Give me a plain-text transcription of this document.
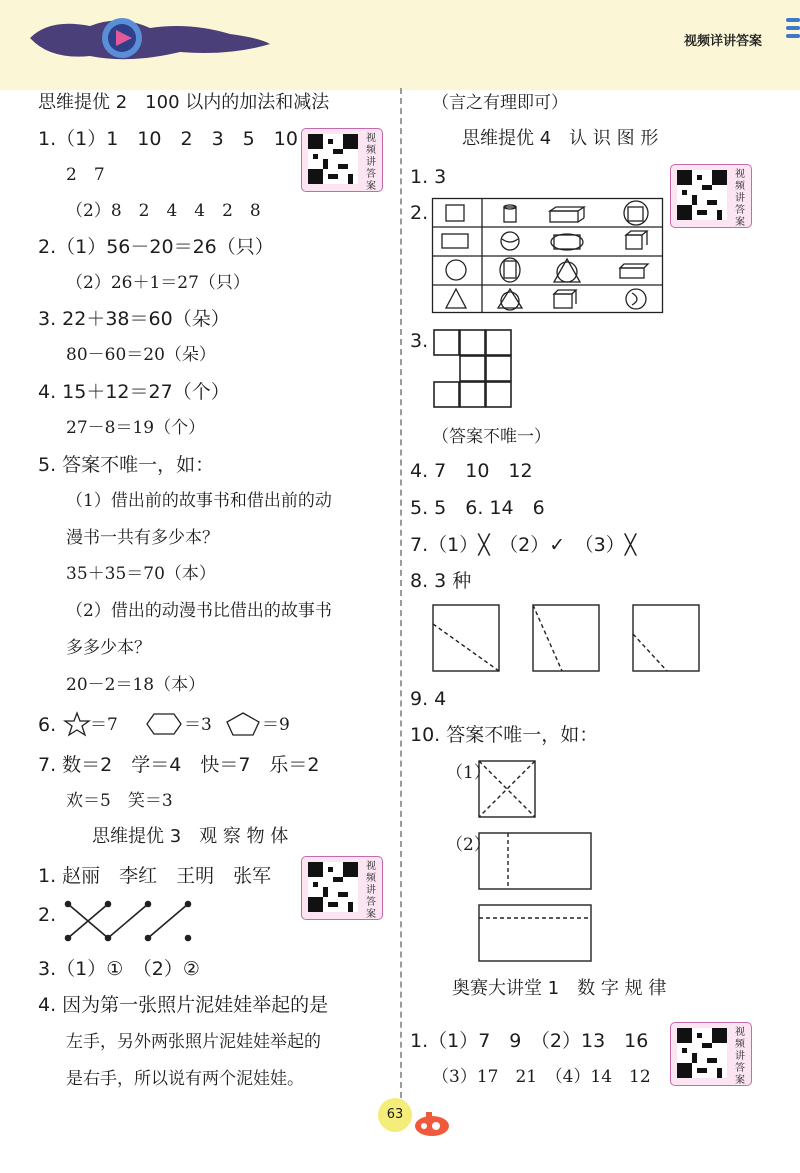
视频详讲答案
思维提优 2　100 以内的加法和减法
1.（1）1　10　2　3　5　10
2　7
（2）8　2　4　4　2　8
2.（1）56－20＝26（只）
（2）26＋1＝27（只）
3. 22＋38＝60（朵）
80－60＝20（朵）
4. 15＋12＝27（个）
27－8＝19（个）
5. 答案不唯一，如：
（1）借出前的故事书和借出前的动
漫书一共有多少本？
35＋35＝70（本）
（2）借出的动漫书比借出的故事书
多多少本？
20－2＝18（本）
6. ＝7	＝3	＝9
7. 数＝2　学＝4　快＝7　乐＝2
欢＝5　笑＝3
思维提优 3　观 察 物 体
1. 赵丽　李红　王明　张军
2.
3.（1）①　（2）②
4. 因为第一张照片泥娃娃举起的是
左手，另外两张照片泥娃娃举起的
是右手，所以说有两个泥娃娃。
视频讲答案
视频讲答案
视频讲答案
视频讲答案
（言之有理即可）
思维提优 4　认 识 图 形
1. 3
2.
3.
（答案不唯一）
4. 7　10　12
5. 5　6. 14　6
7.（1）╳　（2）✓　（3）╳
8. 3 种
9. 4
10. 答案不唯一，如：
（1）
（2）
奥赛大讲堂 1　数 字 规 律
1.（1）7　9　（2）13　16
（3）17　21　（4）14　12
63
